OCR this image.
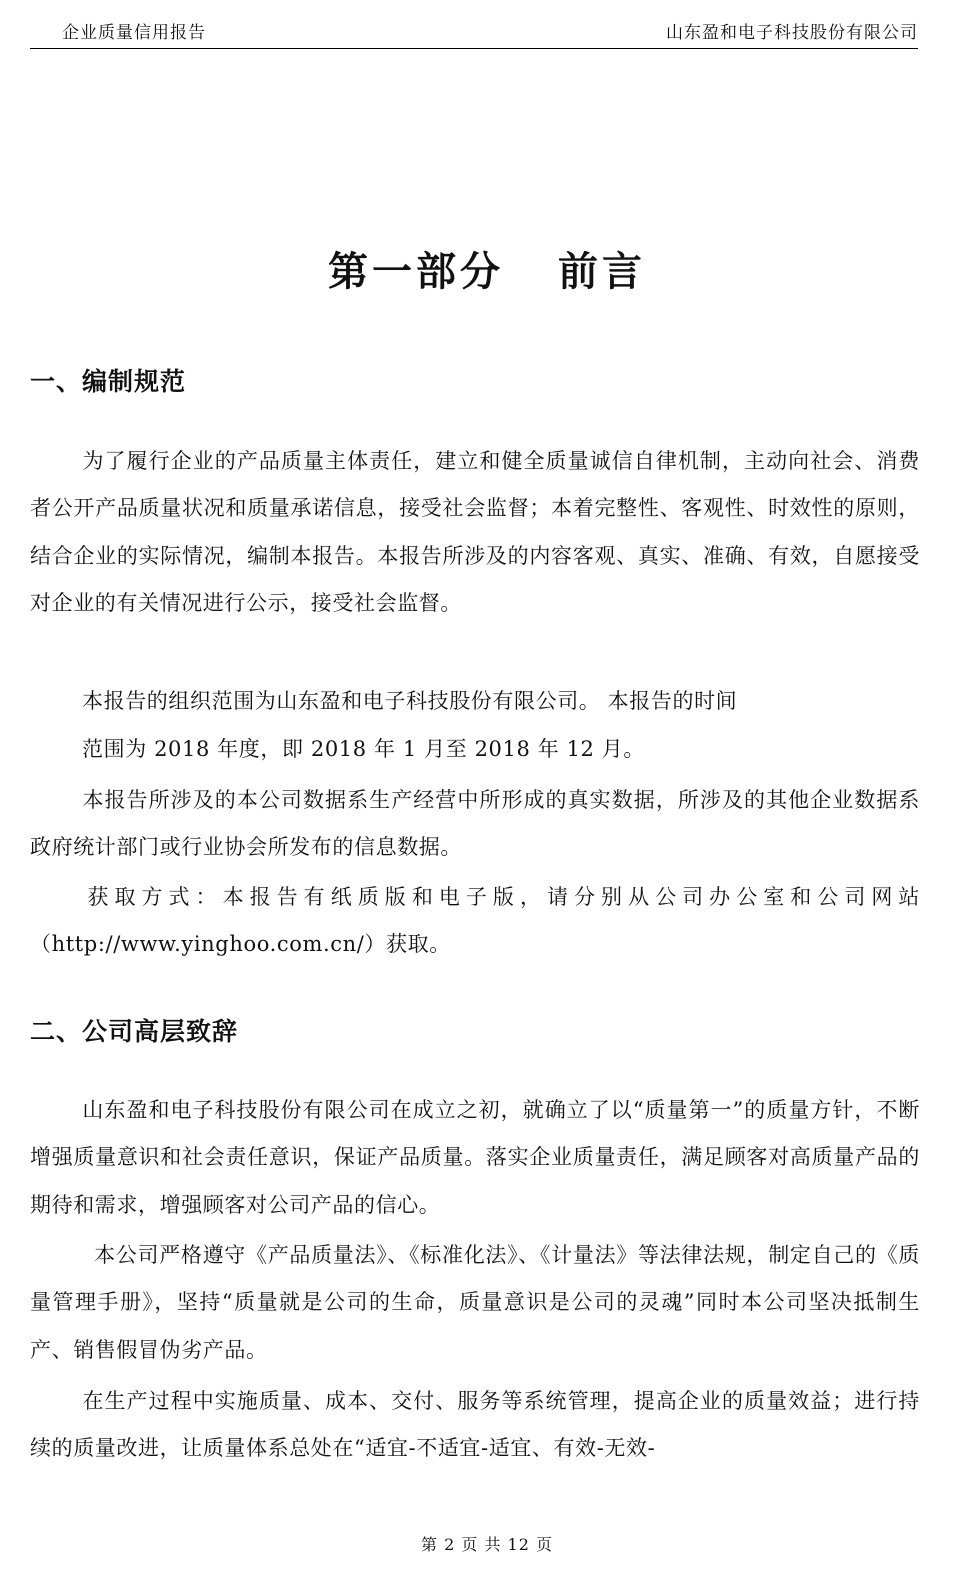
企业质量信用报告	山东盈和电子科技股份有限公司
第一部分 前言
一、编制规范
为了履行企业的产品质量主体责任，建立和健全质量诚信自律机制，主动向社会、消费者公开产品质量状况和质量承诺信息，接受社会监督；本着完整性、客观性、时效性的原则，结合企业的实际情况，编制本报告。本报告所涉及的内容客观、真实、准确、有效，自愿接受对企业的有关情况进行公示，接受社会监督。
本报告的组织范围为山东盈和电子科技股份有限公司。 本报告的时间
范围为 2018 年度，即 2018 年 1 月至 2018 年 12 月。
本报告所涉及的本公司数据系生产经营中所形成的真实数据，所涉及的其他企业数据系政府统计部门或行业协会所发布的信息数据。
获取方式：本报告有纸质版和电子版，请分别从公司办公室和公司网站（http://www.yinghoo.com.cn/）获取。
二、公司高层致辞
山东盈和电子科技股份有限公司在成立之初，就确立了以“质量第一”的质量方针，不断增强质量意识和社会责任意识，保证产品质量。落实企业质量责任，满足顾客对高质量产品的期待和需求，增强顾客对公司产品的信心。
本公司严格遵守《产品质量法》、《标准化法》、《计量法》等法律法规，制定自己的《质量管理手册》，坚持“质量就是公司的生命，质量意识是公司的灵魂”同时本公司坚决抵制生产、销售假冒伪劣产品。
在生产过程中实施质量、成本、交付、服务等系统管理，提高企业的质量效益；进行持续的质量改进，让质量体系总处在“适宜-不适宜-适宜、有效-无效-
第 2 页 共 12 页
